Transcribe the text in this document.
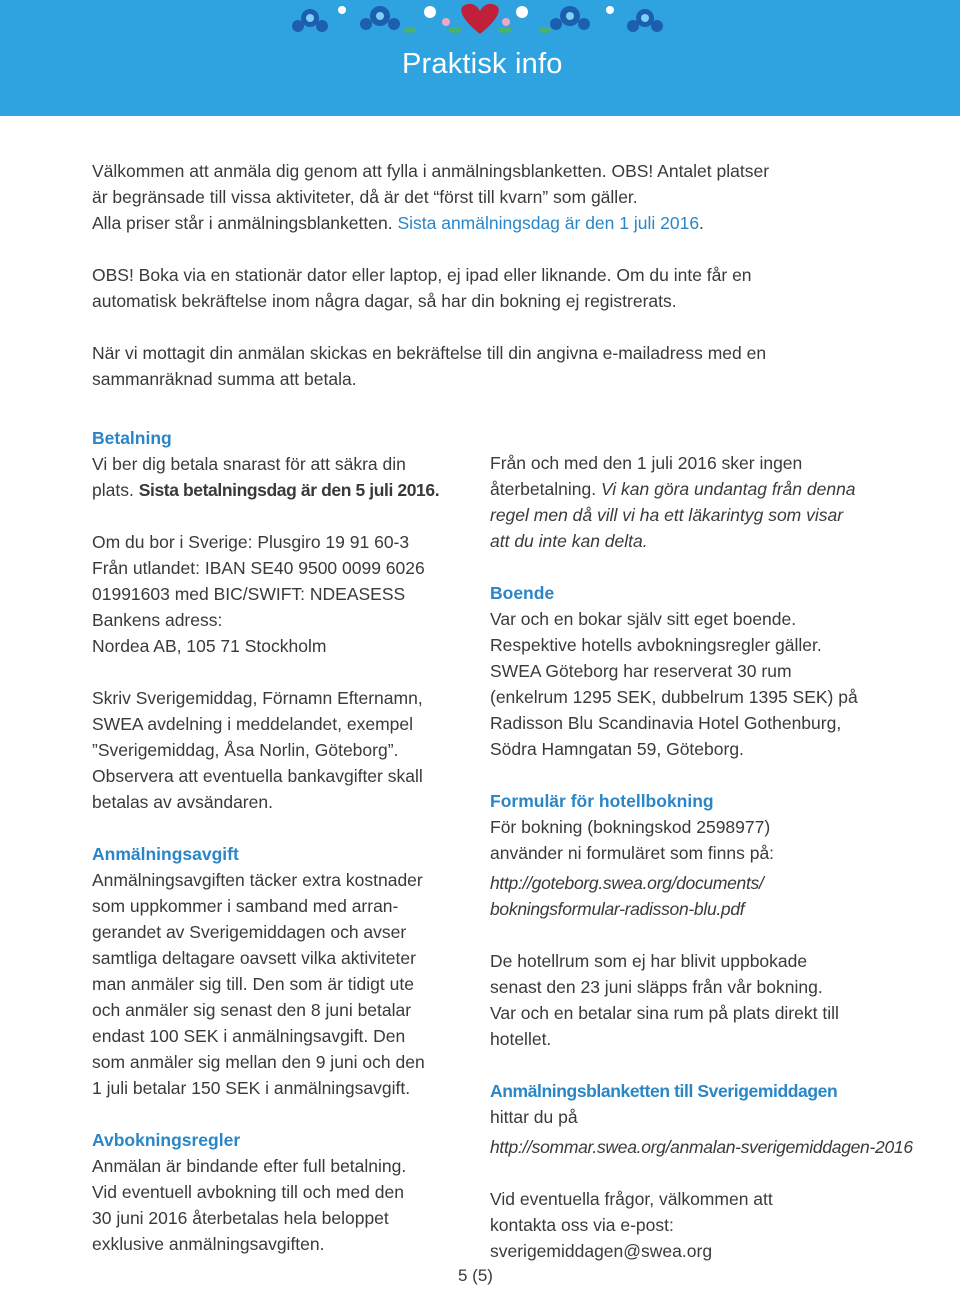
Praktisk info

Välkommen att anmäla dig genom att fylla i anmälningsblanketten. OBS! Antalet platser
är begränsade till vissa aktiviteter, då är det “först till kvarn” som gäller.
Alla priser står i anmälningsblanketten. Sista anmälningsdag är den 1 juli 2016.

OBS! Boka via en stationär dator eller laptop, ej ipad eller liknande. Om du inte får en
automatisk bekräftelse inom några dagar, så har din bokning ej registrerats.

När vi mottagit din anmälan skickas en bekräftelse till din angivna e-mailadress med en
sammanräknad summa att betala.

Betalning

Vi ber dig betala snarast för att säkra din

plats. Sista betalningsdag är den 5 juli 2016.

Om du bor i Sverige: Plusgiro 19 91 60-3

Från utlandet: IBAN SE40 9500 0099 6026

01991603 med BIC/SWIFT: NDEASESS

Bankens adress:

Nordea AB, 105 71 Stockholm

Skriv Sverigemiddag, Förnamn Efternamn,

SWEA avdelning i meddelandet, exempel

”Sverigemiddag, Åsa Norlin, Göteborg”.

Observera att eventuella bankavgifter skall

betalas av avsändaren.

Anmälningsavgift

Anmälningsavgiften täcker extra kostnader

som uppkommer i samband med arran-

gerandet av Sverigemiddagen och avser

samtliga deltagare oavsett vilka aktiviteter

man anmäler sig till. Den som är tidigt ute

och anmäler sig senast den 8 juni betalar

endast 100 SEK i anmälningsavgift. Den

som anmäler sig mellan den 9 juni och den

1 juli betalar 150 SEK i anmälningsavgift.

Avbokningsregler

Anmälan är bindande efter full betalning.

Vid eventuell avbokning till och med den

30 juni 2016 återbetalas hela beloppet

exklusive anmälningsavgiften.

Från och med den 1 juli 2016 sker ingen

återbetalning. Vi kan göra undantag från denna

regel men då vill vi ha ett läkarintyg som visar

att du inte kan delta.

Boende

Var och en bokar själv sitt eget boende.

Respektive hotells avbokningsregler gäller.

SWEA Göteborg har reserverat 30 rum

(enkelrum 1295 SEK, dubbelrum 1395 SEK) på

Radisson Blu Scandinavia Hotel Gothenburg,

Södra Hamngatan 59, Göteborg.

Formulär för hotellbokning

För bokning (bokningskod 2598977)

använder ni formuläret som finns på:

http://goteborg.swea.org/documents/

bokningsformular-radisson-blu.pdf

De hotellrum som ej har blivit uppbokade

senast den 23 juni släpps från vår bokning.

Var och en betalar sina rum på plats direkt till

hotellet.

Anmälningsblanketten till Sverigemiddagen

hittar du på

http://sommar.swea.org/anmalan-sverigemiddagen-2016

Vid eventuella frågor, välkommen att

kontakta oss via e-post:

sverigemiddagen@swea.org

5 (5)
